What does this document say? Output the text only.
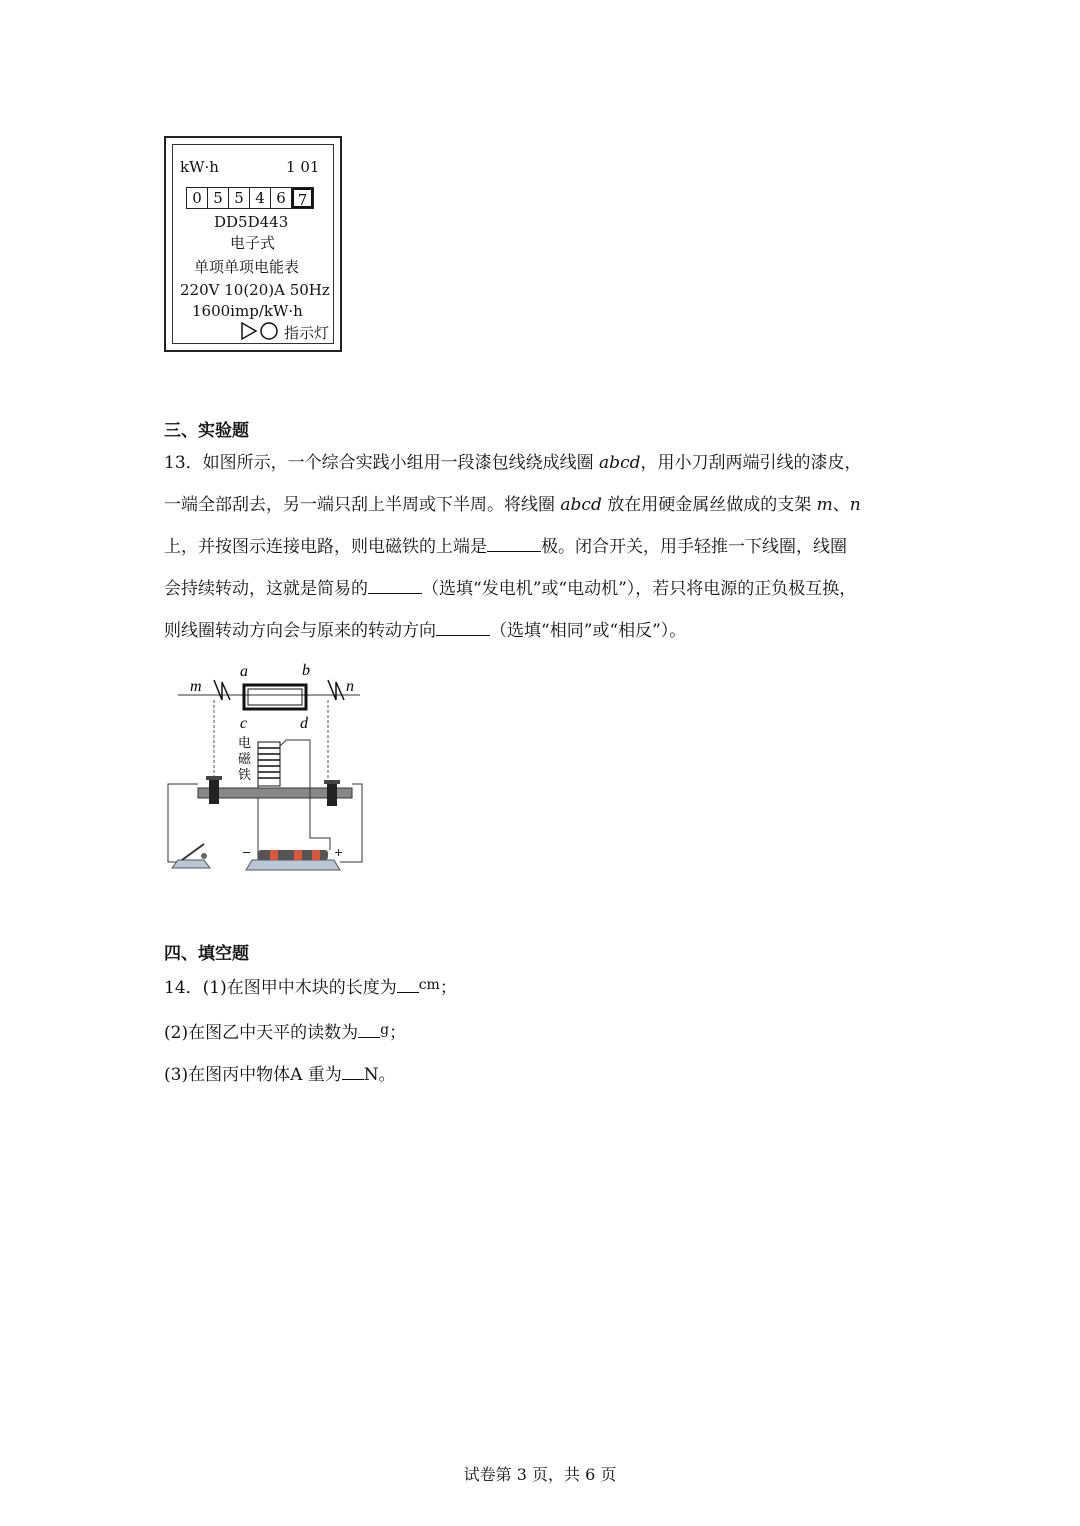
kW·h	1 01
0 5 5 4 6 7
DD5D443
电子式
单项单项电能表
220V 10(20)A 50Hz
1600imp/kW·h
指示灯
三、实验题
13．如图所示，一个综合实践小组用一段漆包线绕成线圈 abcd，用小刀刮两端引线的漆皮，
一端全部刮去，另一端只刮上半周或下半周。将线圈 abcd 放在用硬金属丝做成的支架 m、n
上，并按图示连接电路，则电磁铁的上端是	极。闭合开关，用手轻推一下线圈，线圈
会持续转动，这就是简易的	（选填“发电机”或“电动机”），若只将电源的正负极互换，
则线圈转动方向会与原来的转动方向	（选填“相同”或“相反”）。
m	n
a	b
c	d
电
磁
铁
−	+
四、填空题
14．(1)在图甲中木块的长度为 $^{cm}$；
(2)在图乙中天平的读数为 $^g$；
(3)在图丙中物体A 重为 N。
试卷第 3 页，共 6 页
